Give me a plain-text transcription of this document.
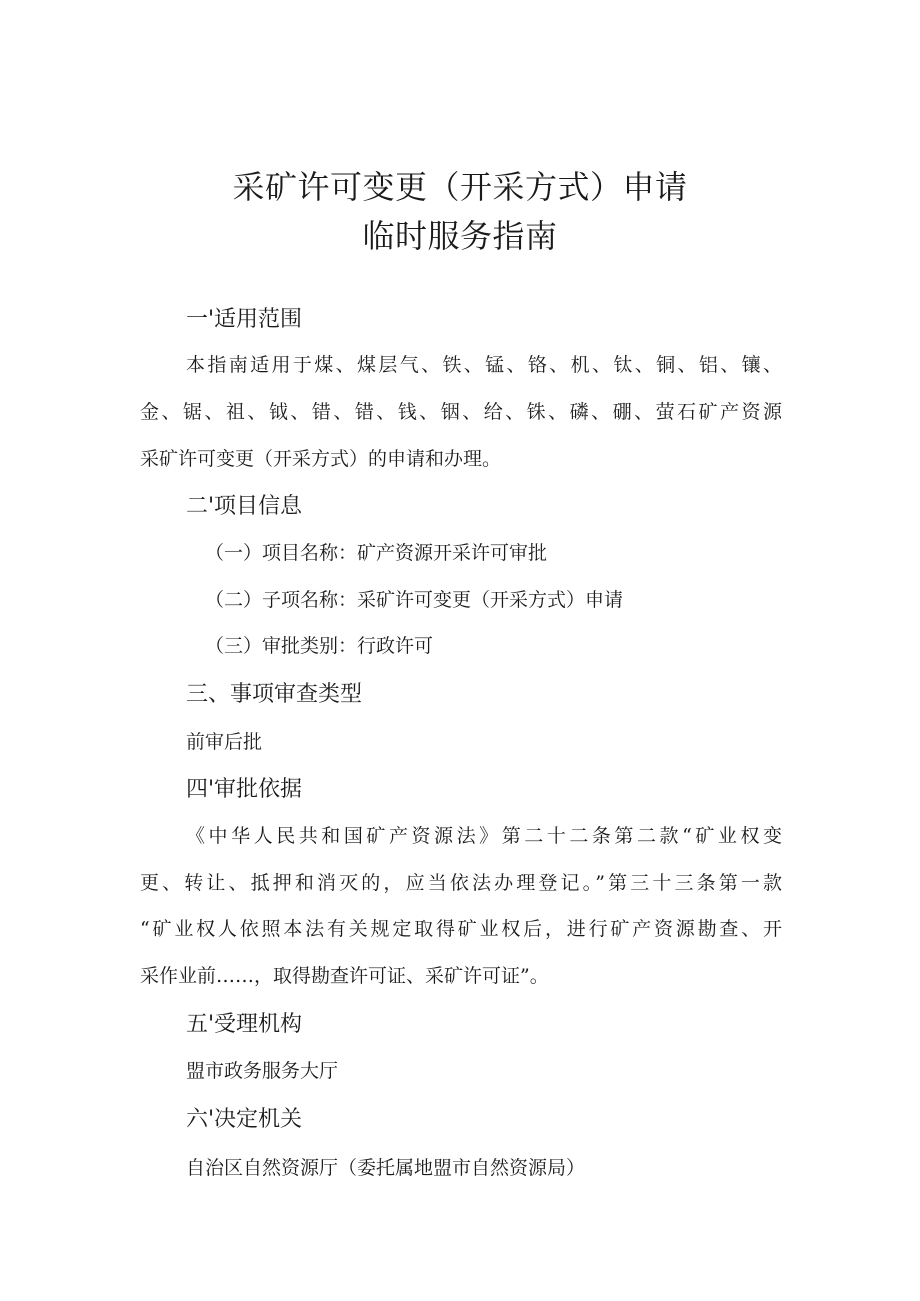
采矿许可变更（开采方式）申请
临时服务指南
一'适用范围
本指南适用于煤、煤层气、铁、锰、铬、机、钛、铜、铝、镶、
金、锯、祖、钺、错、错、钱、铟、给、铢、磷、硼、萤石矿产资源
采矿许可变更（开采方式）的申请和办理。
二'项目信息
（一）项目名称：矿产资源开采许可审批
（二）子项名称：采矿许可变更（开采方式）申请
（三）审批类别：行政许可
三、事项审查类型
前审后批
四'审批依据
《中华人民共和国矿产资源法》第二十二条第二款“矿业权变
更、转让、抵押和消灭的，应当依法办理登记。”第三十三条第一款
“矿业权人依照本法有关规定取得矿业权后，进行矿产资源勘查、开
采作业前……，取得勘查许可证、采矿许可证”。
五'受理机构
盟市政务服务大厅
六'决定机关
自治区自然资源厅（委托属地盟市自然资源局）
